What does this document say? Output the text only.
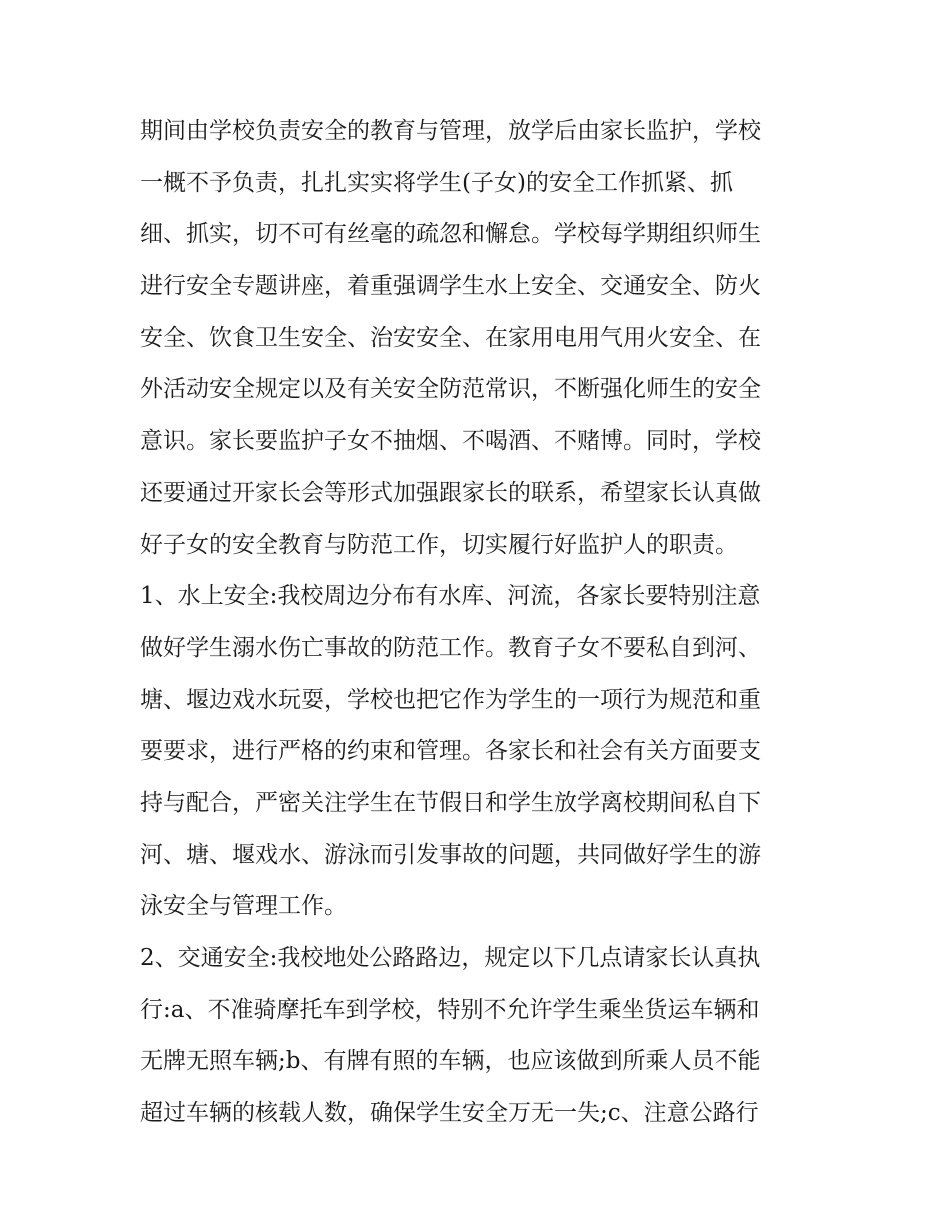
期间由学校负责安全的教育与管理，放学后由家长监护，学校
一概不予负责，扎扎实实将学生(子女)的安全工作抓紧、抓
细、抓实，切不可有丝毫的疏忽和懈怠。学校每学期组织师生
进行安全专题讲座，着重强调学生水上安全、交通安全、防火
安全、饮食卫生安全、治安安全、在家用电用气用火安全、在
外活动安全规定以及有关安全防范常识，不断强化师生的安全
意识。家长要监护子女不抽烟、不喝酒、不赌博。同时，学校
还要通过开家长会等形式加强跟家长的联系，希望家长认真做
好子女的安全教育与防范工作，切实履行好监护人的职责。
1、水上安全:我校周边分布有水库、河流，各家长要特别注意
做好学生溺水伤亡事故的防范工作。教育子女不要私自到河、
塘、堰边戏水玩耍，学校也把它作为学生的一项行为规范和重
要要求，进行严格的约束和管理。各家长和社会有关方面要支
持与配合，严密关注学生在节假日和学生放学离校期间私自下
河、塘、堰戏水、游泳而引发事故的问题，共同做好学生的游
泳安全与管理工作。
2、交通安全:我校地处公路路边，规定以下几点请家长认真执
行:a、不准骑摩托车到学校，特别不允许学生乘坐货运车辆和
无牌无照车辆;b、有牌有照的车辆，也应该做到所乘人员不能
超过车辆的核载人数，确保学生安全万无一失;c、注意公路行
